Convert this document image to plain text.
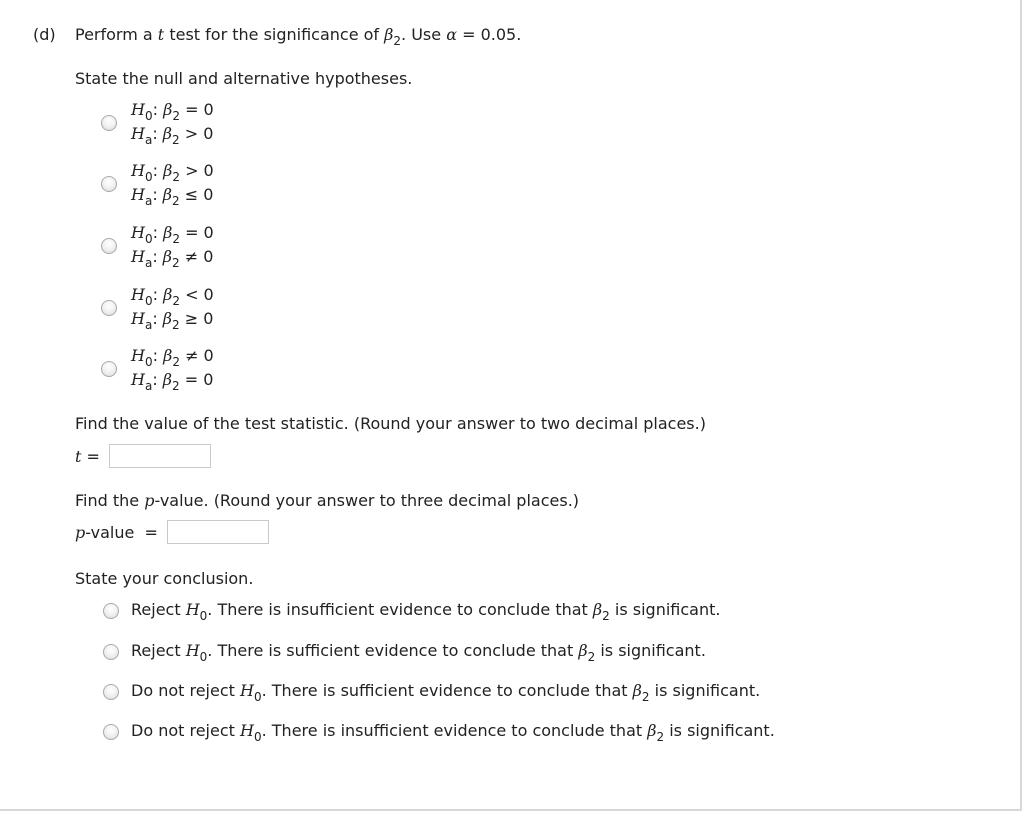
(d) Perform a t test for the significance of $\beta_2$. Use α = 0.05.
State the null and alternative hypotheses.
$H_0$: $\beta_2 = 0$
$H_a$: $\beta_2 > 0$
$H_0$: $\beta_2 > 0$
$H_a$: $\beta_2 \le 0$
$H_0$: $\beta_2 = 0$
$H_a$: $\beta_2 \ne 0$
$H_0$: $\beta_2 < 0$
$H_a$: $\beta_2 \ge 0$
$H_0$: $\beta_2 \ne 0$
$H_a$: $\beta_2 = 0$
Find the value of the test statistic. (Round your answer to two decimal places.)
t =
Find the p-value. (Round your answer to three decimal places.)
p-value  =
State your conclusion.
Reject $H_0$. There is insufficient evidence to conclude that $\beta_2$ is significant.
Reject $H_0$. There is sufficient evidence to conclude that $\beta_2$ is significant.
Do not reject $H_0$. There is sufficient evidence to conclude that $\beta_2$ is significant.
Do not reject $H_0$. There is insufficient evidence to conclude that $\beta_2$ is significant.
